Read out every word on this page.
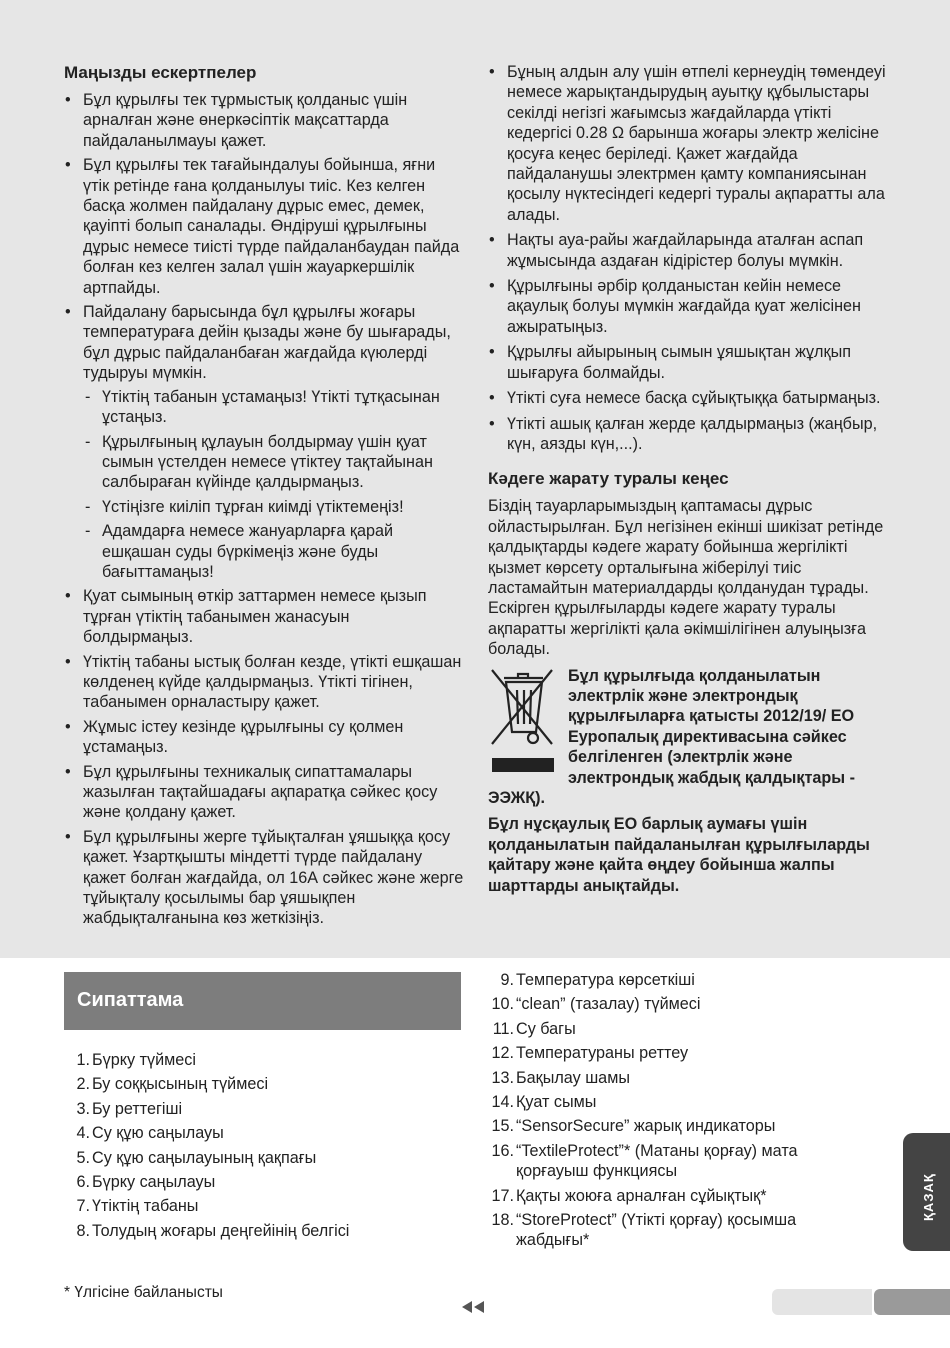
Маңызды ескертпелер
• Бұл құрылғы тек тұрмыстық қолданыс үшін арналған және өнеркәсіптік мақсаттарда пайдаланылмауы қажет.
• Бұл құрылғы тек тағайындалуы бойынша, яғни үтік ретінде ғана қолданылуы тиіс. Кез келген басқа жолмен пайдалану дұрыс емес, демек, қауіпті болып саналады. Өндіруші құрылғыны дұрыс немесе тиісті түрде пайдаланбаудан пайда болған кез келген залал үшін жауаркершілік артпайды.
• Пайдалану барысында бұл құрылғы жоғары температураға дейін қызады және бу шығарады, бұл дұрыс пайдаланбаған жағдайда күюлерді тудыруы мүмкін.
- Үтіктің табанын ұстамаңыз! Үтікті тұтқасынан ұстаңыз.
- Құрылғының құлауын болдырмау үшін қуат сымын үстелден немесе үтіктеу тақтайынан салбыраған күйінде қалдырмаңыз.
- Үстіңізге киіліп тұрған киімді үтіктемеңіз!
- Адамдарға немесе жануарларға қарай ешқашан суды бүркімеңіз және буды бағыттамаңыз!
• Қуат сымының өткір заттармен немесе қызып тұрған үтіктің табанымен жанасуын болдырмаңыз.
• Үтіктің табаны ыстық болған кезде, үтікті ешқашан көлденең күйде қалдырмаңыз. Үтікті тігінен, табанымен орналастыру қажет.
• Жұмыс істеу кезінде құрылғыны су қолмен ұстамаңыз.
• Бұл құрылғыны техникалық сипаттамалары жазылған тақтайшадағы ақпаратқа сәйкес қосу және қолдану қажет.
• Бұл құрылғыны жерге тұйықталған ұяшыққа қосу қажет. Ұзартқышты міндетті түрде пайдалану қажет болған жағдайда, ол 16А сәйкес және жерге тұйықталу қосылымы бар ұяшықпен жабдықталғанына көз жеткізіңіз.
• Бұның алдын алу үшін өтпелі кернеудің төмендеуі немесе жарықтандырудың ауытқу құбылыстары секілді негізгі жағымсыз жағдайларда үтікті кедергісі 0.28 Ω барынша жоғары электр желісіне қосуға кеңес беріледі. Қажет жағдайда пайдаланушы электрмен қамту компаниясынан қосылу нүктесіндегі кедергі туралы ақпаратты ала алады.
• Нақты ауа-райы жағдайларында аталған аспап жұмысында аздаған кідірістер болуы мүмкін.
• Құрылғыны әрбір қолданыстан кейін немесе ақаулық болуы мүмкін жағдайда қуат желісінен ажыратыңыз.
• Құрылғы айырының сымын ұяшықтан жұлқып шығаруға болмайды.
• Үтікті суға немесе басқа сұйықтыққа батырмаңыз.
• Үтікті ашық қалған жерде қалдырмаңыз (жаңбыр, күн, аязды күн,...).
Кәдеге жарату туралы кеңес

Біздің тауарларымыздың қаптамасы дұрыс ойластырылған. Бұл негізінен екінші шикізат ретінде қалдықтарды кәдеге жарату бойынша жергілікті қызмет көрсету орталығына жіберілуі тиіс ластамайтын материалдарды қолданудан тұрады. Ескірген құрылғыларды кәдеге жарату туралы ақпаратты жергілікті қала әкімшілігінен алуыңызға болады.

Бұл құрылғыда қолданылатын электрлік және электрондық құрылғыларға қатысты 2012/19/ ЕО Еуропалық директивасына сәйкес белгіленген (электрлік және электрондық жабдық қалдықтары - ЭЭЖҚ).
Бұл нұсқаулық ЕО барлық аумағы үшін қолданылатын пайдаланылған құрылғыларды қайтару және қайта өңдеу бойынша жалпы шарттарды анықтайды.
Сипаттама
1. Бүрку түймесі
2. Бу соққысының түймесі
3. Бу реттегіші
4. Су құю саңылауы
5. Су құю саңылауының қақпағы
6. Бүрку саңылауы
7. Үтіктің табаны
8. Толудың жоғары деңгейінің белгісі
9. Температура көрсеткіші
10. “clean” (тазалау) түймесі
11. Су багы
12. Температураны реттеу
13. Бақылау шамы
14. Қуат сымы
15. “SensorSecure” жарық индикаторы
16. “TextileProtect”* (Матаны қорғау) мата қорғауыш функциясы
17. Қақты жоюға арналған сұйықтық*
18. “StoreProtect” (Үтікті қорғау) қосымша жабдығы*
* Үлгісіне байланысты
ҚАЗАҚ
